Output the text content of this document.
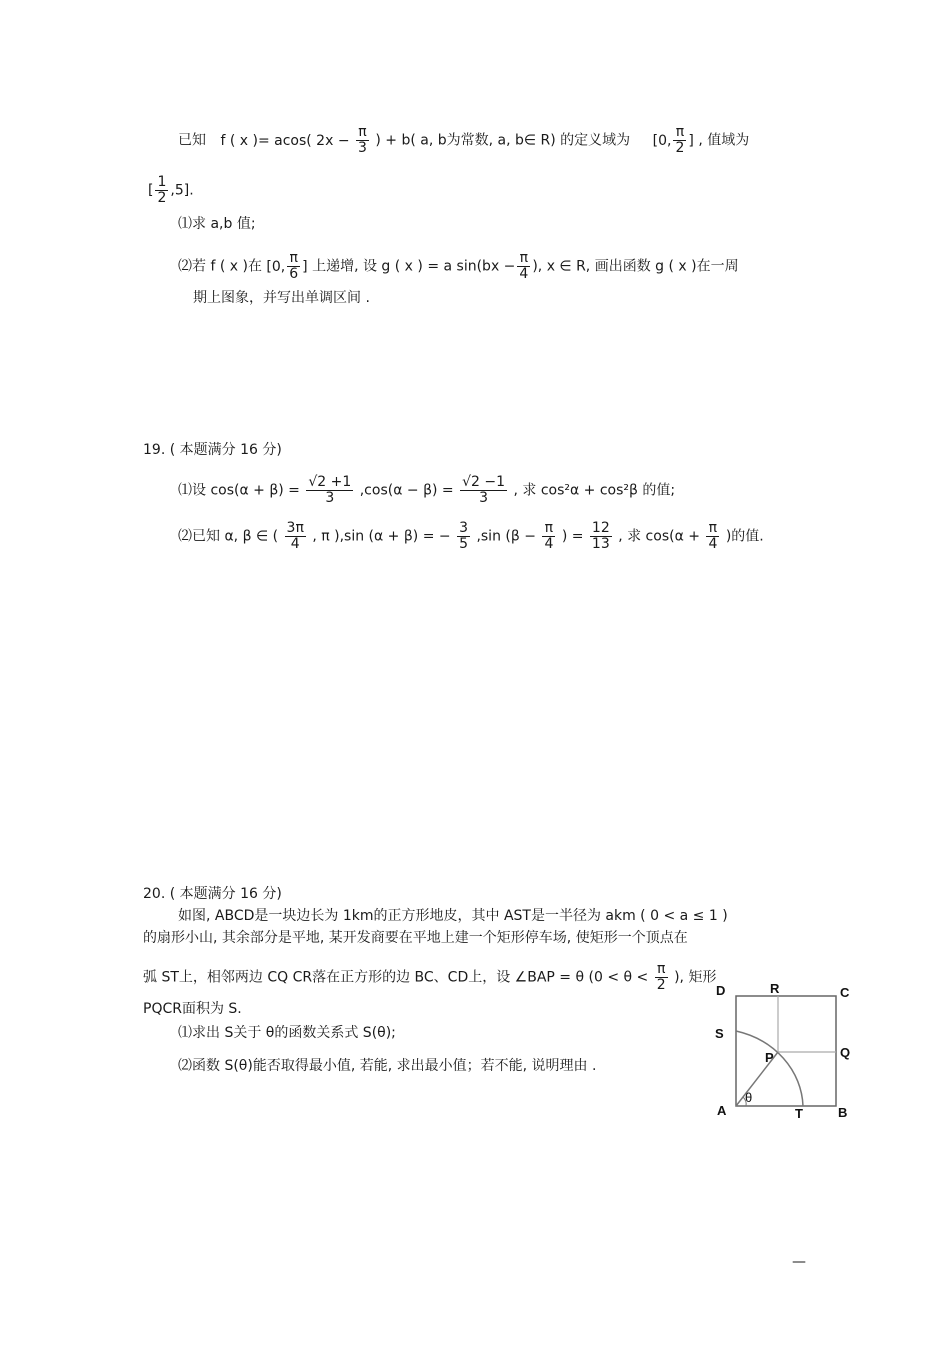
已知 f ( x )= acos( $2x - \frac{\pi}{3}$ ) + b( a, b为常数, a, b∈ R) 的定义域为 [0, $\frac{\pi}{2}$ ] , 值域为
[ $\frac{1}{2} ,5$].
⑴求 a,b 值;
⑵若 f ( x )在 [0, $\frac{\pi}{6}$ ] 上递增, 设 g ( x ) = a $\sin(bx - \frac{\pi}{4}$ ), x ∈ R, 画出函数 g ( x )在一周
期上图象，并写出单调区间 .
19. ( 本题满分 16 分)
⑴设 $\cos(\alpha + \beta) = \frac{√2 +1}{3} ,\cos(\alpha - \beta) = \frac{√2 -1}{3}$ , 求 cos²α + cos²β 的值;
⑵已知 α, β ∈ ( $\frac{3\pi}{4}$ , π ),sin (α + β) = − $\frac{3}{5} ,\sin$ ($\beta - \frac{\pi}{4}$ ) = $\frac{12}{13}$ , 求 $\cos(\alpha + \frac{\pi}{4}$ )的值.
20. ( 本题满分 16 分)
如图, ABCD是一块边长为 1km的正方形地皮，其中 AST是一半径为 akm ( 0 < a ≤ 1 )
的扇形小山, 其余部分是平地, 某开发商要在平地上建一个矩形停车场, 使矩形一个顶点在
弧 ST上，相邻两边 CQ CR落在正方形的边 BC、CD上，设 ∠BAP = θ ($0 < \theta < \frac{\pi}{2}$ ), 矩形
PQCR面积为 S.
⑴求出 S关于 θ的函数关系式 S(θ);
⑵函数 S(θ)能否取得最小值, 若能, 求出最小值；若不能, 说明理由 .
D	R	C
S
P	Q
A
θ
T	B
—
